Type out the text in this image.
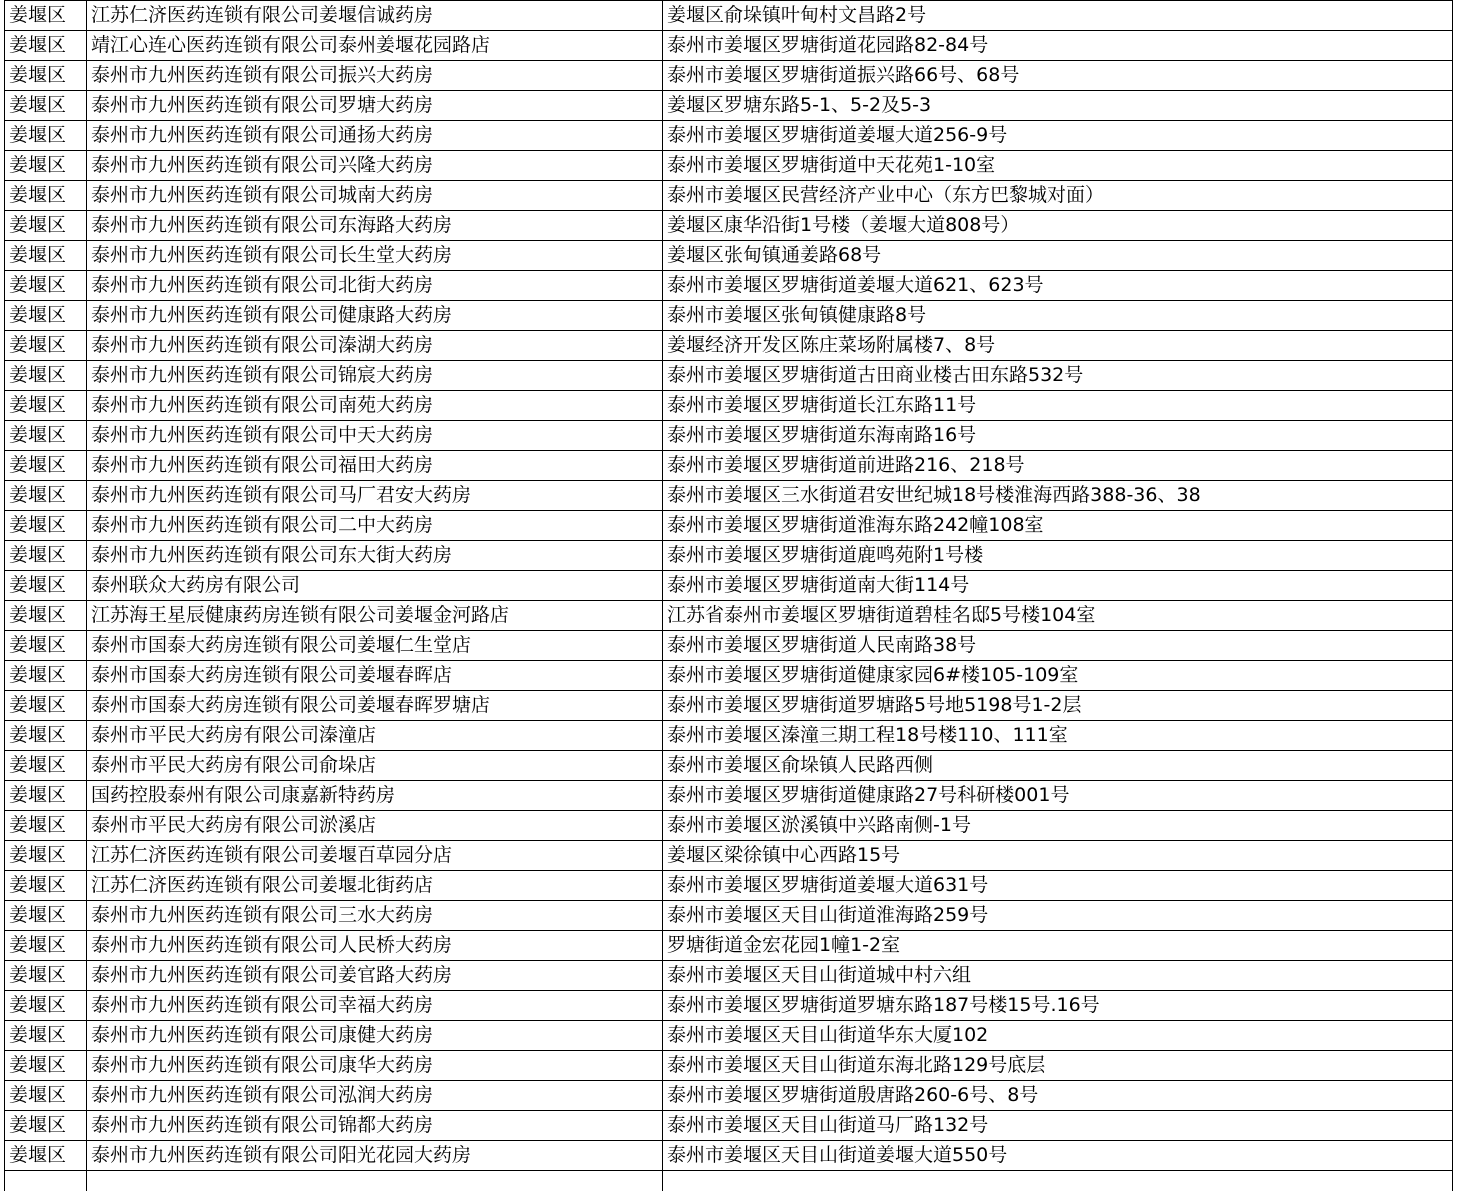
姜堰区	江苏仁济医药连锁有限公司姜堰信诚药房	姜堰区俞垛镇叶甸村文昌路2号
姜堰区	靖江心连心医药连锁有限公司泰州姜堰花园路店	泰州市姜堰区罗塘街道花园路82-84号
姜堰区	泰州市九州医药连锁有限公司振兴大药房	泰州市姜堰区罗塘街道振兴路66号、68号
姜堰区	泰州市九州医药连锁有限公司罗塘大药房	姜堰区罗塘东路5-1、5-2及5-3
姜堰区	泰州市九州医药连锁有限公司通扬大药房	泰州市姜堰区罗塘街道姜堰大道256-9号
姜堰区	泰州市九州医药连锁有限公司兴隆大药房	泰州市姜堰区罗塘街道中天花苑1-10室
姜堰区	泰州市九州医药连锁有限公司城南大药房	泰州市姜堰区民营经济产业中心（东方巴黎城对面）
姜堰区	泰州市九州医药连锁有限公司东海路大药房	姜堰区康华沿街1号楼（姜堰大道808号）
姜堰区	泰州市九州医药连锁有限公司长生堂大药房	姜堰区张甸镇通姜路68号
姜堰区	泰州市九州医药连锁有限公司北街大药房	泰州市姜堰区罗塘街道姜堰大道621、623号
姜堰区	泰州市九州医药连锁有限公司健康路大药房	泰州市姜堰区张甸镇健康路8号
姜堰区	泰州市九州医药连锁有限公司溱湖大药房	姜堰经济开发区陈庄菜场附属楼7、8号
姜堰区	泰州市九州医药连锁有限公司锦宸大药房	泰州市姜堰区罗塘街道古田商业楼古田东路532号
姜堰区	泰州市九州医药连锁有限公司南苑大药房	泰州市姜堰区罗塘街道长江东路11号
姜堰区	泰州市九州医药连锁有限公司中天大药房	泰州市姜堰区罗塘街道东海南路16号
姜堰区	泰州市九州医药连锁有限公司福田大药房	泰州市姜堰区罗塘街道前进路216、218号
姜堰区	泰州市九州医药连锁有限公司马厂君安大药房	泰州市姜堰区三水街道君安世纪城18号楼淮海西路388-36、38
姜堰区	泰州市九州医药连锁有限公司二中大药房	泰州市姜堰区罗塘街道淮海东路242幢108室
姜堰区	泰州市九州医药连锁有限公司东大街大药房	泰州市姜堰区罗塘街道鹿鸣苑附1号楼
姜堰区	泰州联众大药房有限公司	泰州市姜堰区罗塘街道南大街114号
姜堰区	江苏海王星辰健康药房连锁有限公司姜堰金河路店	江苏省泰州市姜堰区罗塘街道碧桂名邸5号楼104室
姜堰区	泰州市国泰大药房连锁有限公司姜堰仁生堂店	泰州市姜堰区罗塘街道人民南路38号
姜堰区	泰州市国泰大药房连锁有限公司姜堰春晖店	泰州市姜堰区罗塘街道健康家园6#楼105-109室
姜堰区	泰州市国泰大药房连锁有限公司姜堰春晖罗塘店	泰州市姜堰区罗塘街道罗塘路5号地5198号1-2层
姜堰区	泰州市平民大药房有限公司溱潼店	泰州市姜堰区溱潼三期工程18号楼110、111室
姜堰区	泰州市平民大药房有限公司俞垛店	泰州市姜堰区俞垛镇人民路西侧
姜堰区	国药控股泰州有限公司康嘉新特药房	泰州市姜堰区罗塘街道健康路27号科研楼001号
姜堰区	泰州市平民大药房有限公司淤溪店	泰州市姜堰区淤溪镇中兴路南侧-1号
姜堰区	江苏仁济医药连锁有限公司姜堰百草园分店	姜堰区梁徐镇中心西路15号
姜堰区	江苏仁济医药连锁有限公司姜堰北街药店	泰州市姜堰区罗塘街道姜堰大道631号
姜堰区	泰州市九州医药连锁有限公司三水大药房	泰州市姜堰区天目山街道淮海路259号
姜堰区	泰州市九州医药连锁有限公司人民桥大药房	罗塘街道金宏花园1幢1-2室
姜堰区	泰州市九州医药连锁有限公司姜官路大药房	泰州市姜堰区天目山街道城中村六组
姜堰区	泰州市九州医药连锁有限公司幸福大药房	泰州市姜堰区罗塘街道罗塘东路187号楼15号.16号
姜堰区	泰州市九州医药连锁有限公司康健大药房	泰州市姜堰区天目山街道华东大厦102
姜堰区	泰州市九州医药连锁有限公司康华大药房	泰州市姜堰区天目山街道东海北路129号底层
姜堰区	泰州市九州医药连锁有限公司泓润大药房	泰州市姜堰区罗塘街道殷唐路260-6号、8号
姜堰区	泰州市九州医药连锁有限公司锦都大药房	泰州市姜堰区天目山街道马厂路132号
姜堰区	泰州市九州医药连锁有限公司阳光花园大药房	泰州市姜堰区天目山街道姜堰大道550号
